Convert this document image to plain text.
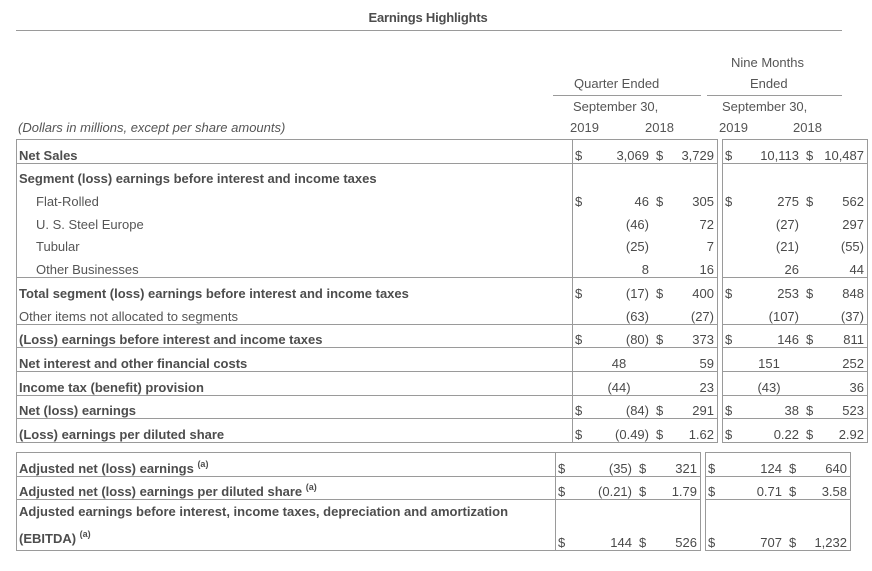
Earnings Highlights
Nine Months
Quarter Ended	Ended
September 30,	September 30,
(Dollars in millions, except per share amounts)	2019	2018	2019	2018
Net Sales	$	3,069	$	3,729		$	10,113	$	10,487
Segment (loss) earnings before interest and income taxes									
Flat-Rolled	$	46	$	305		$	275	$	562
U. S. Steel Europe		(46)		72			(27)		297
Tubular		(25)		7			(21)		(55)
Other Businesses		8		16			26		44
Total segment (loss) earnings before interest and income taxes	$	(17)	$	400		$	253	$	848
Other items not allocated to segments		(63)		(27)			(107)		(37)
(Loss) earnings before interest and income taxes	$	(80)	$	373		$	146	$	811
Net interest and other financial costs		48		59			151		252
Income tax (benefit) provision		(44)		23			(43)		36
Net (loss) earnings	$	(84)	$	291		$	38	$	523
(Loss) earnings per diluted share	$	(0.49)	$	1.62		$	0.22	$	2.92
Adjusted net (loss) earnings $^{(a)}$	$	(35)	$	321		$	124	$	640
Adjusted net (loss) earnings per diluted share $^{(a)}$	$	(0.21)	$	1.79		$	0.71	$	3.58
Adjusted earnings before interest, income taxes, depreciation and amortization
(EBITDA) $^{(a)}$	$	144	$	526		$	707	$	1,232
